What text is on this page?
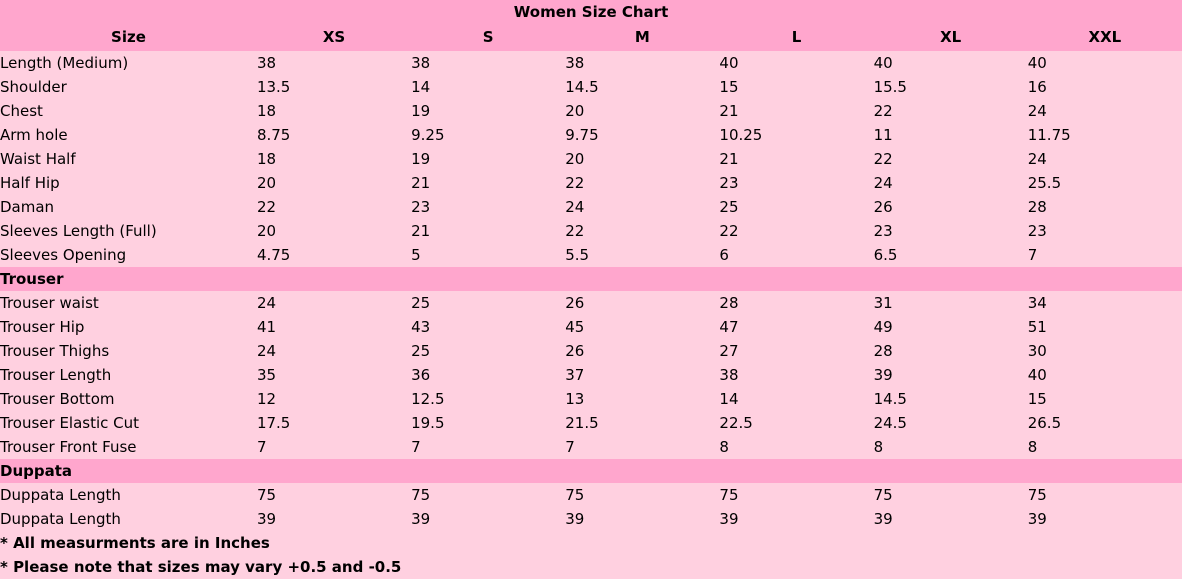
Women Size Chart						
Size	XS	S	M	L	XL	XXL
Length (Medium)	38	38	38	40	40	40
Shoulder	13.5	14	14.5	15	15.5	16
Chest	18	19	20	21	22	24
Arm hole	8.75	9.25	9.75	10.25	11	11.75
Waist Half	18	19	20	21	22	24
Half Hip	20	21	22	23	24	25.5
Daman	22	23	24	25	26	28
Sleeves Length (Full)	20	21	22	22	23	23
Sleeves Opening	4.75	5	5.5	6	6.5	7
Trouser						
Trouser waist	24	25	26	28	31	34
Trouser Hip	41	43	45	47	49	51
Trouser Thighs	24	25	26	27	28	30
Trouser Length	35	36	37	38	39	40
Trouser Bottom	12	12.5	13	14	14.5	15
Trouser Elastic Cut	17.5	19.5	21.5	22.5	24.5	26.5
Trouser Front Fuse	7	7	7	8	8	8
Duppata						
Duppata Length	75	75	75	75	75	75
Duppata Length	39	39	39	39	39	39
* All measurments are in Inches						
* Please note that sizes may vary +0.5 and -0.5						
